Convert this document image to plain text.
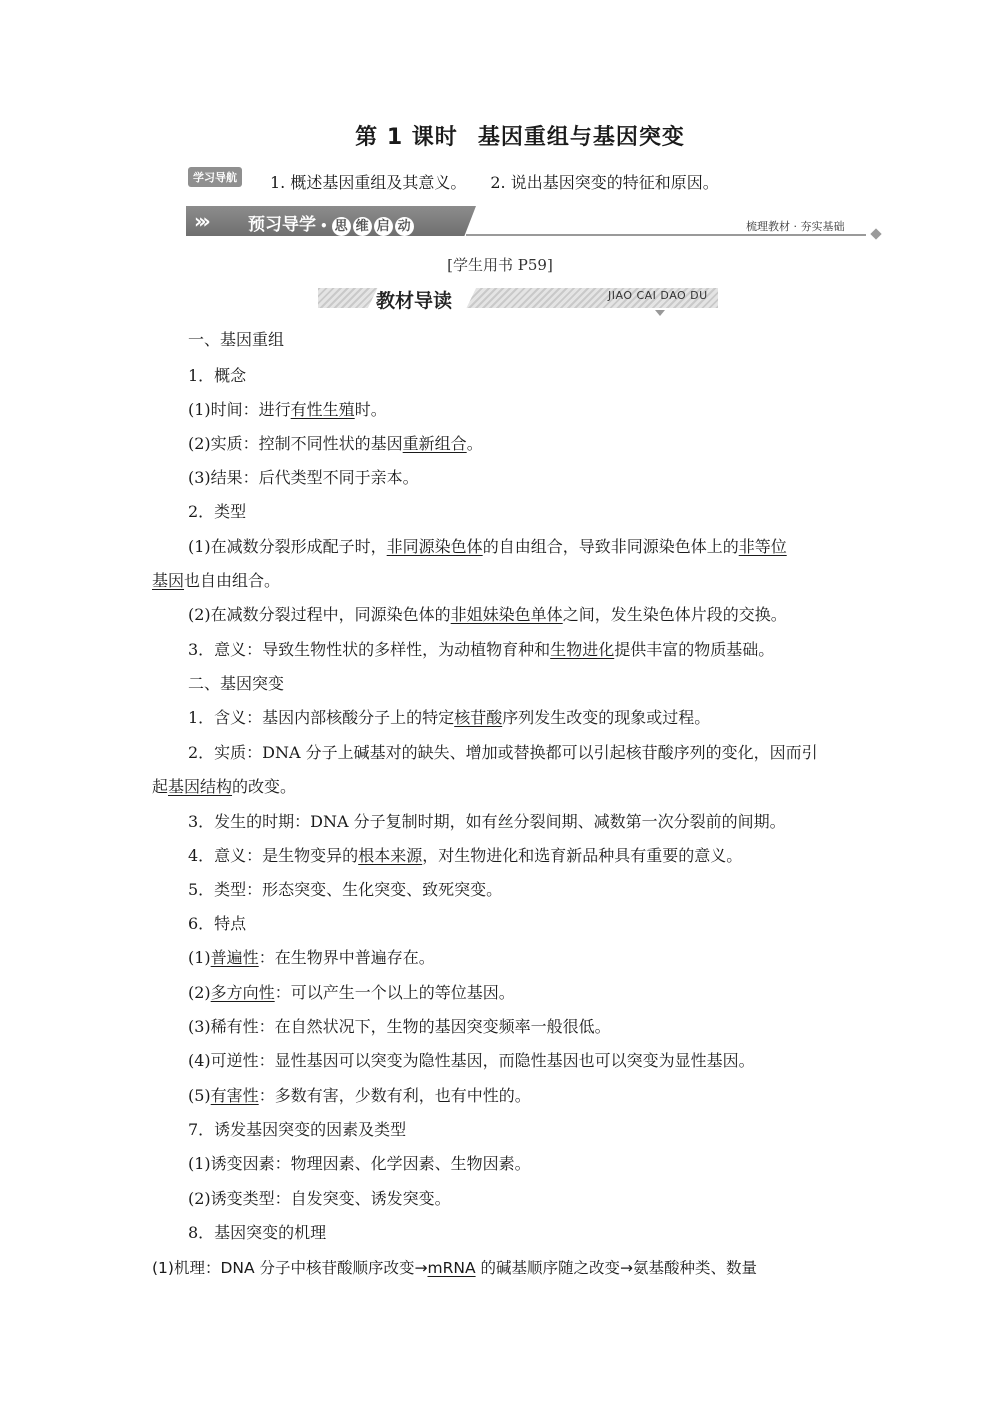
第 1 课时 基因重组与基因突变
学习导航 1. 概述基因重组及其意义。 2. 说出基因突变的特征和原因。
››› 预习导学 • 思 维 启 动	梳理教材 · 夯实基础
[学生用书 P59]
教材导读	JIAO CAI DAO DU
一、基因重组
1．概念
(1)时间：进行有性生殖时。
(2)实质：控制不同性状的基因重新组合。
(3)结果：后代类型不同于亲本。
2．类型
(1)在减数分裂形成配子时，非同源染色体的自由组合，导致非同源染色体上的非等位
基因也自由组合。
(2)在减数分裂过程中，同源染色体的非姐妹染色单体之间，发生染色体片段的交换。
3．意义：导致生物性状的多样性，为动植物育种和生物进化提供丰富的物质基础。
二、基因突变
1．含义：基因内部核酸分子上的特定核苷酸序列发生改变的现象或过程。
2．实质：DNA 分子上碱基对的缺失、增加或替换都可以引起核苷酸序列的变化，因而引
起基因结构的改变。
3．发生的时期：DNA 分子复制时期，如有丝分裂间期、减数第一次分裂前的间期。
4．意义：是生物变异的根本来源，对生物进化和选育新品种具有重要的意义。
5．类型：形态突变、生化突变、致死突变。
6．特点
(1)普遍性：在生物界中普遍存在。
(2)多方向性：可以产生一个以上的等位基因。
(3)稀有性：在自然状况下，生物的基因突变频率一般很低。
(4)可逆性：显性基因可以突变为隐性基因，而隐性基因也可以突变为显性基因。
(5)有害性：多数有害，少数有利，也有中性的。
7．诱发基因突变的因素及类型
(1)诱变因素：物理因素、化学因素、生物因素。
(2)诱变类型：自发突变、诱发突变。
8．基因突变的机理
(1)机理：DNA 分子中核苷酸顺序改变→mRNA 的碱基顺序随之改变→氨基酸种类、数量
